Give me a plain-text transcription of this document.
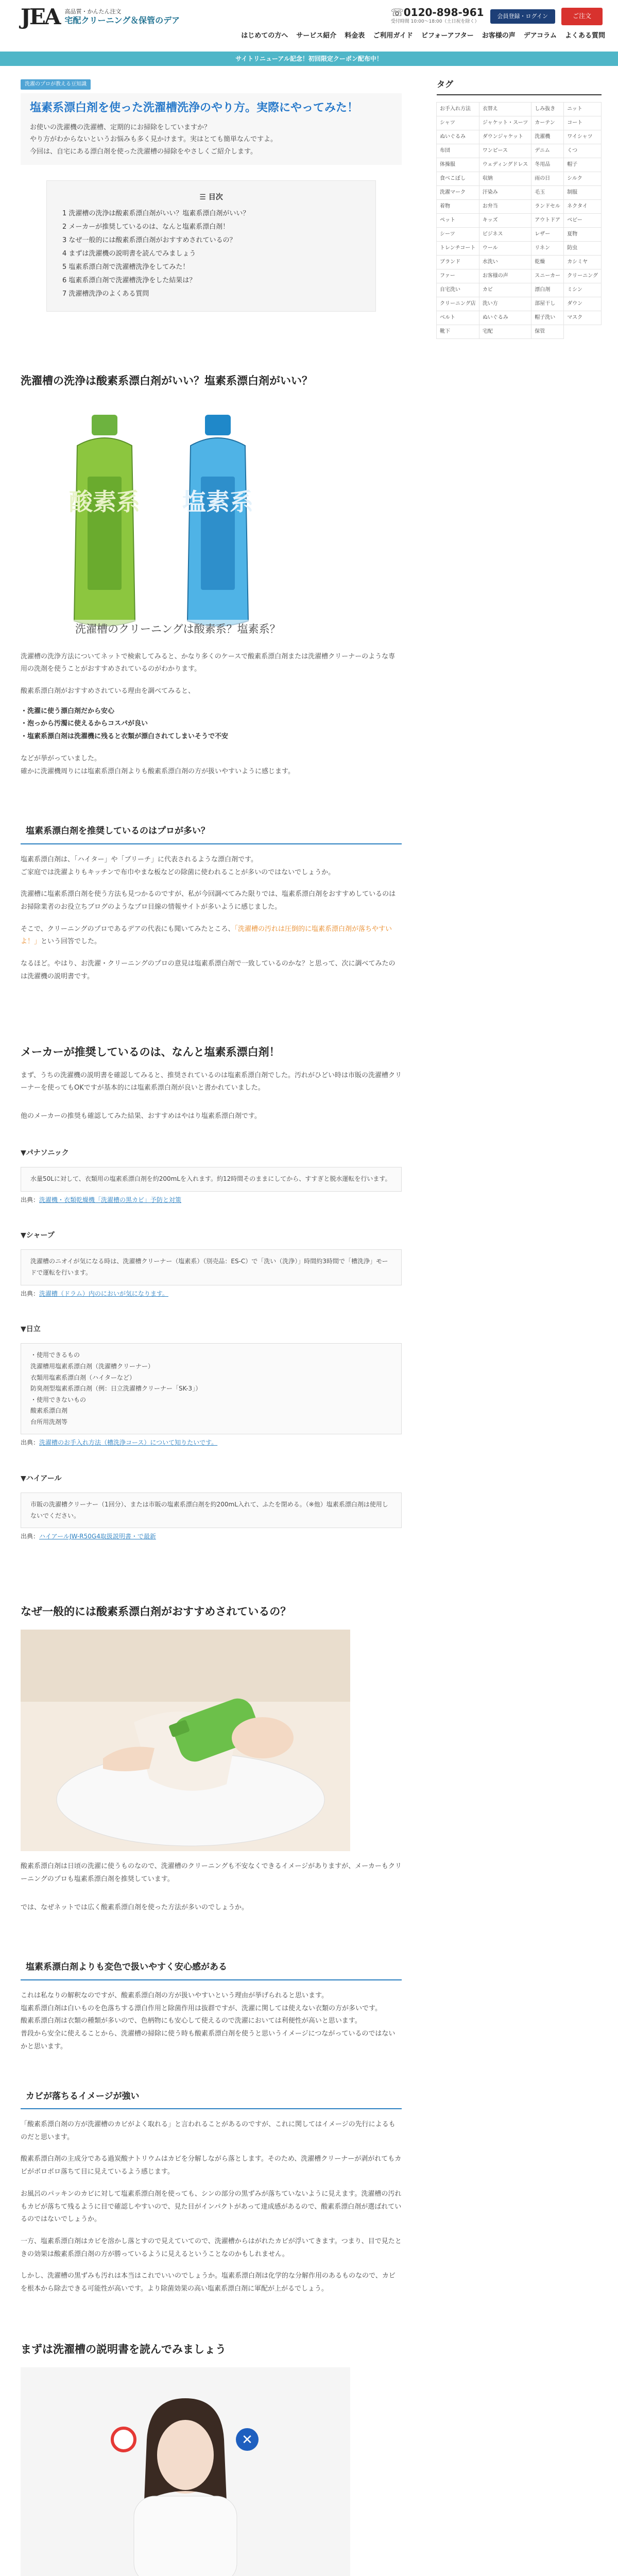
JEA 高品質・かんたん注文
宅配クリーニング＆保管のデア
☏0120-898-961
受付時間 10:00〜18:00（土日祝を除く）
会員登録・ログイン	ご注文
はじめての方へ サービス紹介 料金表 ご利用ガイド ビフォーアフター お客様の声 デアコラム よくある質問
サイトリニューアル記念！初回限定クーポン配布中！
洗濯のプロが教える豆知識
塩素系漂白剤を使った洗濯槽洗浄のやり方。実際にやってみた！

お使いの洗濯機の洗濯槽、定期的にお掃除をしていますか？
やり方がわからないというお悩みも多く見かけます。実はとても簡単なんですよ。
今回は、自宅にある漂白剤を使った洗濯槽の掃除をやさしくご紹介します。

☰ 目次
1 洗濯槽の洗浄は酸素系漂白剤がいい？塩素系漂白剤がいい？
2 メーカーが推奨しているのは、なんと塩素系漂白剤！
3 なぜ一般的には酸素系漂白剤がおすすめされているの？
4 まずは洗濯機の説明書を読んでみましょう
5 塩素系漂白剤で洗濯槽洗浄をしてみた！
6 塩素系漂白剤で洗濯槽洗浄をした結果は？
7 洗濯槽洗浄のよくある質問
洗濯槽の洗浄は酸素系漂白剤がいい？塩素系漂白剤がいい？
酸素系 塩素系
洗濯槽のクリーニングは酸素系？塩素系？

洗濯槽の洗浄方法についてネットで検索してみると、かなり多くのケースで酸素系漂白剤または洗濯槽クリーナーのような専用の洗剤を使うことがおすすめされているのがわかります。

酸素系漂白剤がおすすめされている理由を調べてみると、

・洗濯に使う漂白剤だから安心
・泡っから汚濁に使えるからコスパが良い
・塩素系漂白剤は洗濯機に残ると衣類が漂白されてしまいそうで不安

などが挙がっていました。
確かに洗濯機周りには塩素系漂白剤よりも酸素系漂白剤の方が扱いやすいように感じます。

塩素系漂白剤を推奨しているのはプロが多い？

塩素系漂白剤は、「ハイター」や「ブリーチ」に代表されるような漂白剤です。
ご家庭では洗濯よりもキッチンで布巾やまな板などの除菌に使われることが多いのではないでしょうか。

洗濯槽に塩素系漂白剤を使う方法も見つかるのですが、私が今回調べてみた限りでは、塩素系漂白剤をおすすめしているのはお掃除業者のお役立ちブログのようなプロ目線の情報サイトが多いように感じました。

そこで、クリーニングのプロであるデアの代表にも聞いてみたところ、「洗濯槽の汚れは圧倒的に塩素系漂白剤が落ちやすいよ！」という回答でした。

なるほど。やはり、お洗濯・クリーニングのプロの意見は塩素系漂白剤で一致しているのかな？と思って、次に調べてみたのは洗濯機の説明書です。

メーカーが推奨しているのは、なんと塩素系漂白剤！

まず、うちの洗濯機の説明書を確認してみると、推奨されているのは塩素系漂白剤でした。汚れがひどい時は市販の洗濯槽クリーナーを使ってもOKですが基本的には塩素系漂白剤が良いと書かれていました。

他のメーカーの推奨も確認してみた結果、おすすめはやはり塩素系漂白剤です。

▼パナソニック
水量50Lに対して、衣類用の塩素系漂白剤を約200mLを入れます。約12時間そのままにしてから、すすぎと脱水運転を行います。
出典：洗濯機・衣類乾燥機「洗濯槽の黒カビ」予防と対策
▼シャープ
洗濯槽のニオイが気になる時は、洗濯槽クリーナー（塩素系）（別売品：ES-C）で「洗い（洗浄）」時間約3時間で「槽洗浄」モードで運転を行います。
出典：洗濯槽（ドラム）内のにおいが気になります。
▼日立
・使用できるもの
洗濯槽用塩素系漂白剤（洗濯槽クリーナー）
衣類用塩素系漂白剤（ハイターなど）
防臭剤型塩素系漂白剤（例：日立洗濯槽クリーナー「SK-3」）
・使用できないもの
酸素系漂白剤
台所用洗剤等
出典：洗濯槽のお手入れ方法（槽洗浄コース）について知りたいです。
▼ハイアール
市販の洗濯槽クリーナー（1回分）、または市販の塩素系漂白剤を約200mL入れて、ふたを閉める。（※他）塩素系漂白剤は使用しないでください。
出典：ハイアールJW-R50G4取扱説明書・で最新
なぜ一般的には酸素系漂白剤がおすすめされているの？

酸素系漂白剤は日頃の洗濯に使うものなので、洗濯槽のクリーニングも不安なくできるイメージがありますが、メーカーもクリーニングのプロも塩素系漂白剤を推奨しています。

では、なぜネットでは広く酸素系漂白剤を使った方法が多いのでしょうか。

塩素系漂白剤よりも変色で扱いやすく安心感がある

これは私なりの解釈なのですが、酸素系漂白剤の方が扱いやすいという理由が挙げられると思います。
塩素系漂白剤は白いものを色落ちする漂白作用と除菌作用は抜群ですが、洗濯に関しては使えない衣類の方が多いです。
酸素系漂白剤は衣類の種類が多いので、色柄物にも安心して使えるので洗濯においては利便性が高いと思います。
普段から安全に使えることから、洗濯槽の掃除に使う時も酸素系漂白剤を使うと思いうイメージにつながっているのではないかと思います。

カビが落ちるイメージが強い

「酸素系漂白剤の方が洗濯槽のカビがよく取れる」と言われることがあるのですが、これに関してはイメージの先行によるものだと思います。

酸素系漂白剤の主成分である過炭酸ナトリウムはカビを分解しながら落とします。そのため、洗濯槽クリーナーが剥がれてもカビがボロボロ落ちて目に見えているよう感じます。

お風呂のパッキンのカビに対して塩素系漂白剤を使っても、シンの部分の黒ずみが落ちていないように見えます。洗濯槽の汚れもカビが落ちて残るように目で確認しやすいので、見た目がインパクトがあって達成感があるので、酸素系漂白剤が選ばれているのではないでしょうか。

一方、塩素系漂白剤はカビを溶かし落とすので見えていてので、洗濯槽からはがれたカビが浮いてきます。つまり、目で見たときの効果は酸素系漂白剤の方が勝っているように見えるということなのかもしれません。

しかし、洗濯槽の黒ずみも汚れは本当はこれでいいのでしょうか。塩素系漂白剤は化学的な分解作用のあるものなので、カビを根本から除去できる可能性が高いです。より除菌効果の高い塩素系漂白剤に軍配が上がるでしょう。

まずは洗濯槽の説明書を読んでみましょう
✕
タグ
お手入れ方法	衣替え	しみ抜き	ニット
シャツ	ジャケット・スーツ	カーテン	コート
ぬいぐるみ	ダウンジャケット	洗濯機	ワイシャツ
布団	ワンピース	デニム	くつ
体操服	ウェディングドレス	冬用品	帽子
食べこぼし	収納	雨の日	シルク
洗濯マーク	汗染み	毛玉	制服
着物	お弁当	ランドセル	ネクタイ
ペット	キッズ	アウトドア	ベビー
シーツ	ビジネス	レザー	夏物
トレンチコート	ウール	リネン	防虫
ブランド	水洗い	乾燥	カシミヤ
ファー	お客様の声	スニーカー	クリーニング
自宅洗い	カビ	漂白剤	ミシン
クリーニング店	洗い方	部屋干し	ダウン
ベルト	ぬいぐるみ	帽子洗い	マスク
靴下	宅配	保管
